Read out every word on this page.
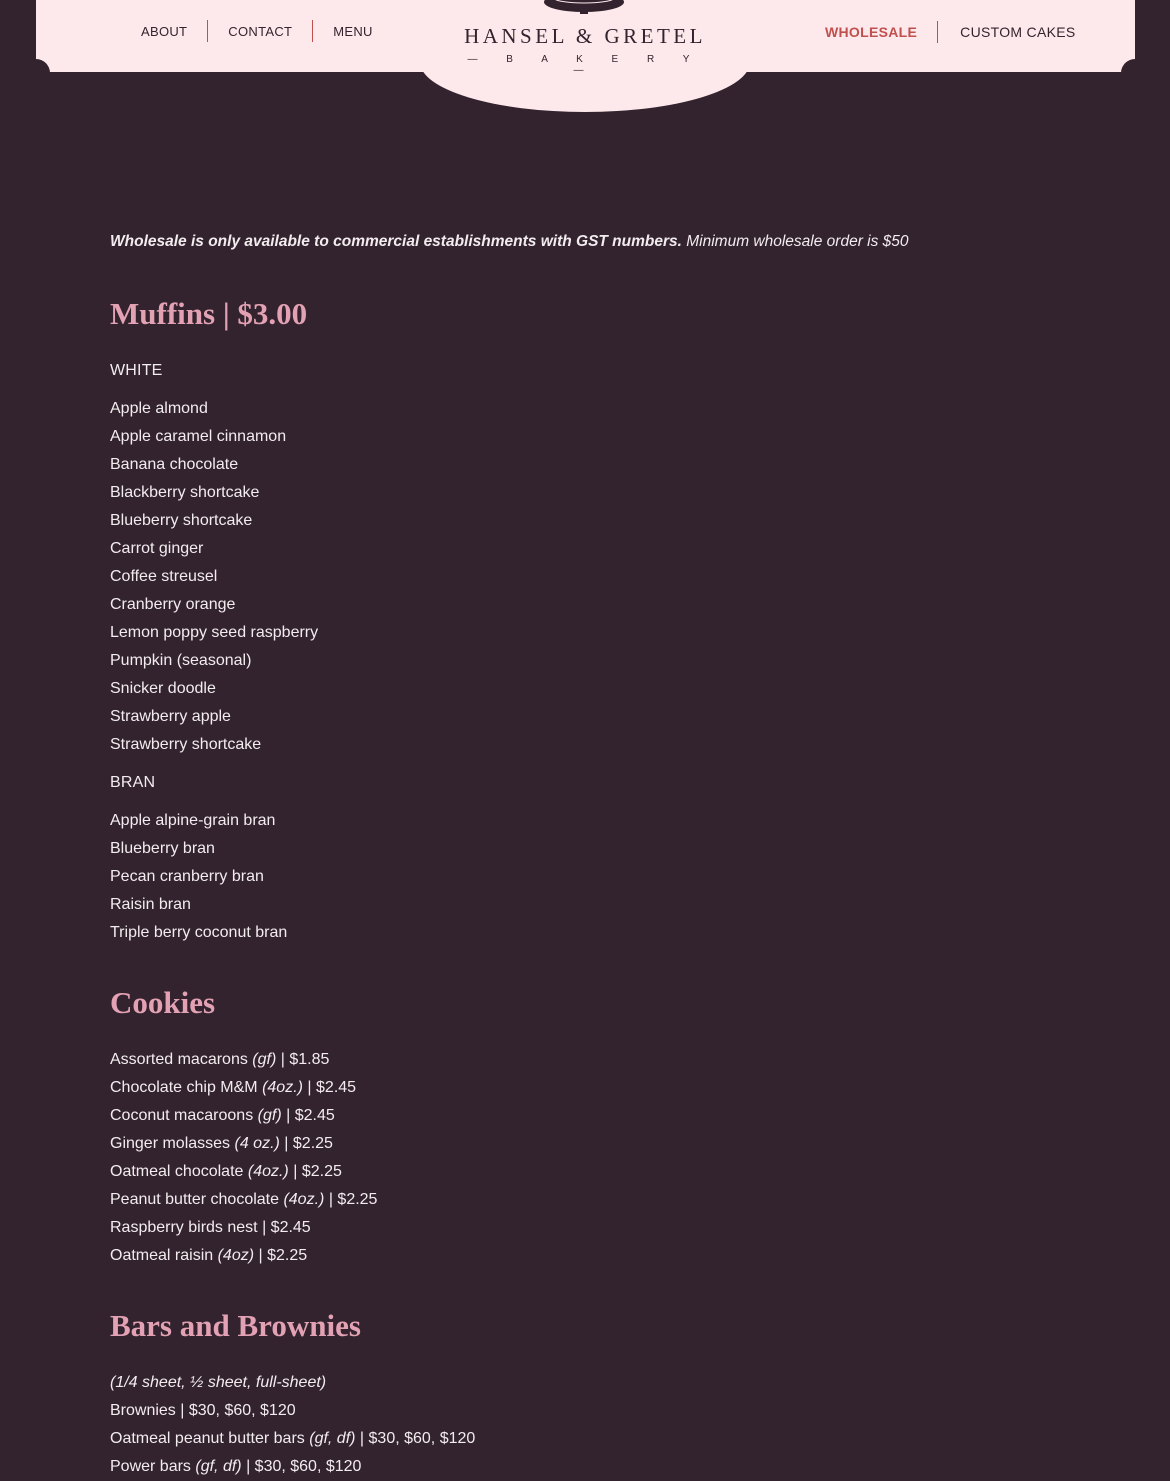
ABOUT	CONTACT	MENU	WHOLESALE	CUSTOM CAKES
HANSEL & GRETEL
— B A K E R Y —

Wholesale is only available to commercial establishments with GST numbers. Minimum wholesale order is $50

Muffins | $3.00
WHITE
Apple almond
Apple caramel cinnamon
Banana chocolate
Blackberry shortcake
Blueberry shortcake
Carrot ginger
Coffee streusel
Cranberry orange
Lemon poppy seed raspberry
Pumpkin (seasonal)
Snicker doodle
Strawberry apple
Strawberry shortcake
BRAN
Apple alpine-grain bran
Blueberry bran
Pecan cranberry bran
Raisin bran
Triple berry coconut bran
Cookies
Assorted macarons (gf) | $1.85
Chocolate chip M&M (4oz.) | $2.45
Coconut macaroons (gf) | $2.45
Ginger molasses (4 oz.) | $2.25
Oatmeal chocolate (4oz.) | $2.25
Peanut butter chocolate (4oz.) | $2.25
Raspberry birds nest | $2.45
Oatmeal raisin (4oz) | $2.25
Bars and Brownies
(1/4 sheet, ½ sheet, full-sheet)
Brownies | $30, $60, $120
Oatmeal peanut butter bars (gf, df) | $30, $60, $120
Power bars (gf, df) | $30, $60, $120
